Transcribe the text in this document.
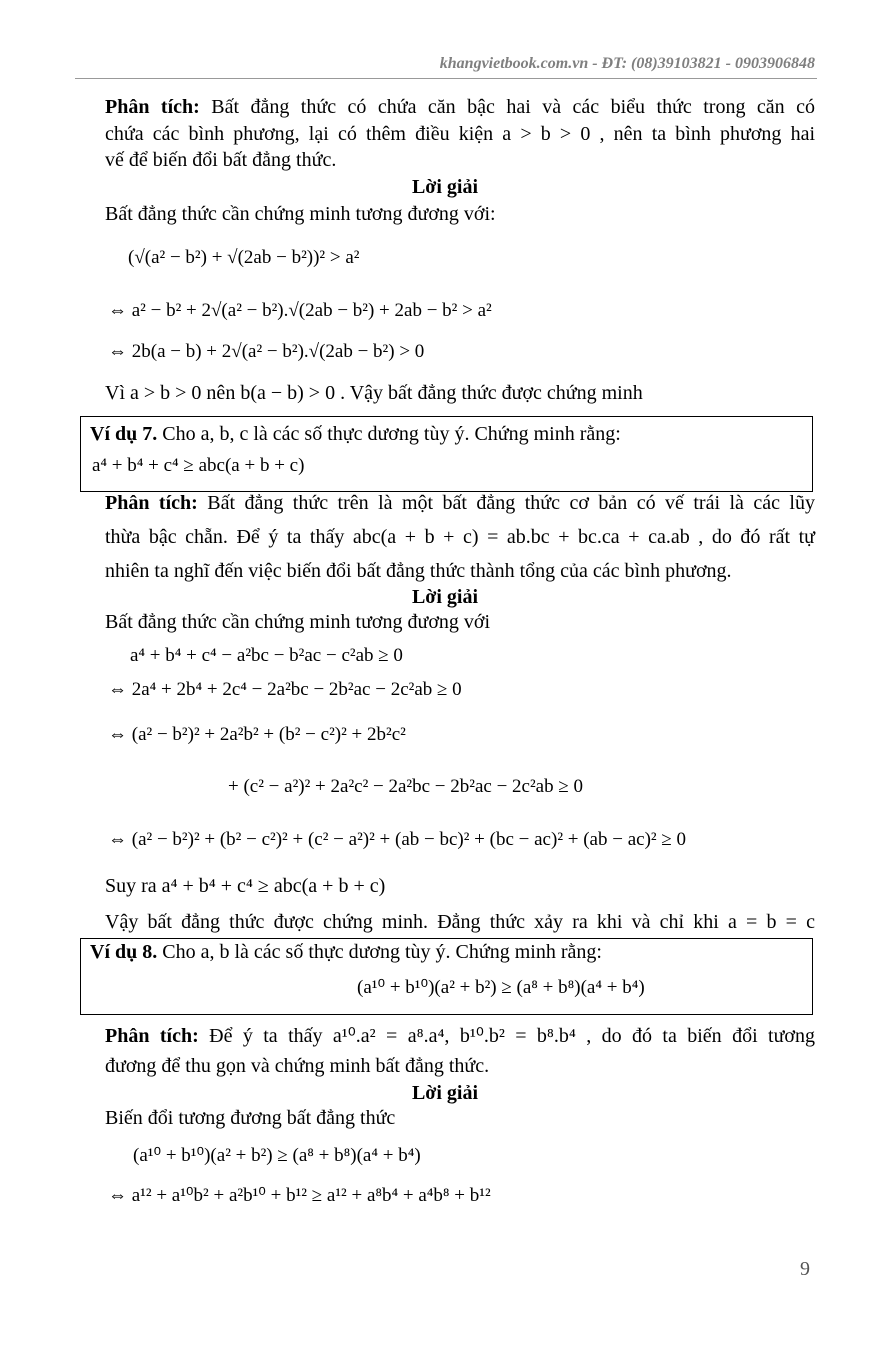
khangvietbook.com.vn - ĐT: (08)39103821 - 0903906848
Phân tích: Bất đẳng thức có chứa căn bậc hai và các biểu thức trong căn có
chứa các bình phương, lại có thêm điều kiện a > b > 0 , nên ta bình phương hai
vế để biến đổi bất đẳng thức.
Lời giải
Bất đẳng thức cần chứng minh tương đương với:
(√(a² − b²) + √(2ab − b²))² > a²
⇔ a² − b² + 2√(a² − b²).√(2ab − b²) + 2ab − b² > a²
⇔ 2b(a − b) + 2√(a² − b²).√(2ab − b²) > 0
Vì a > b > 0 nên b(a − b) > 0 . Vậy bất đẳng thức được chứng minh
Ví dụ 7. Cho a, b, c là các số thực dương tùy ý. Chứng minh rằng:
a⁴ + b⁴ + c⁴ ≥ abc(a + b + c)
Phân tích: Bất đẳng thức trên là một bất đẳng thức cơ bản có vế trái là các lũy
thừa bậc chẵn. Để ý ta thấy abc(a + b + c) = ab.bc + bc.ca + ca.ab , do đó rất tự
nhiên ta nghĩ đến việc biến đổi bất đẳng thức thành tổng của các bình phương.
Lời giải
Bất đẳng thức cần chứng minh tương đương với
a⁴ + b⁴ + c⁴ − a²bc − b²ac − c²ab ≥ 0
⇔ 2a⁴ + 2b⁴ + 2c⁴ − 2a²bc − 2b²ac − 2c²ab ≥ 0
⇔ (a² − b²)² + 2a²b² + (b² − c²)² + 2b²c²
+ (c² − a²)² + 2a²c² − 2a²bc − 2b²ac − 2c²ab ≥ 0
⇔ (a² − b²)² + (b² − c²)² + (c² − a²)² + (ab − bc)² + (bc − ac)² + (ab − ac)² ≥ 0
Suy ra a⁴ + b⁴ + c⁴ ≥ abc(a + b + c)
Vậy bất đẳng thức được chứng minh. Đẳng thức xảy ra khi và chỉ khi a = b = c
Ví dụ 8. Cho a, b là các số thực dương tùy ý. Chứng minh rằng:
(a¹⁰ + b¹⁰)(a² + b²) ≥ (a⁸ + b⁸)(a⁴ + b⁴)
Phân tích: Để ý ta thấy a¹⁰.a² = a⁸.a⁴, b¹⁰.b² = b⁸.b⁴ , do đó ta biến đổi tương
đương để thu gọn và chứng minh bất đẳng thức.
Lời giải
Biến đổi tương đương bất đẳng thức
(a¹⁰ + b¹⁰)(a² + b²) ≥ (a⁸ + b⁸)(a⁴ + b⁴)
⇔ a¹² + a¹⁰b² + a²b¹⁰ + b¹² ≥ a¹² + a⁸b⁴ + a⁴b⁸ + b¹²
9
